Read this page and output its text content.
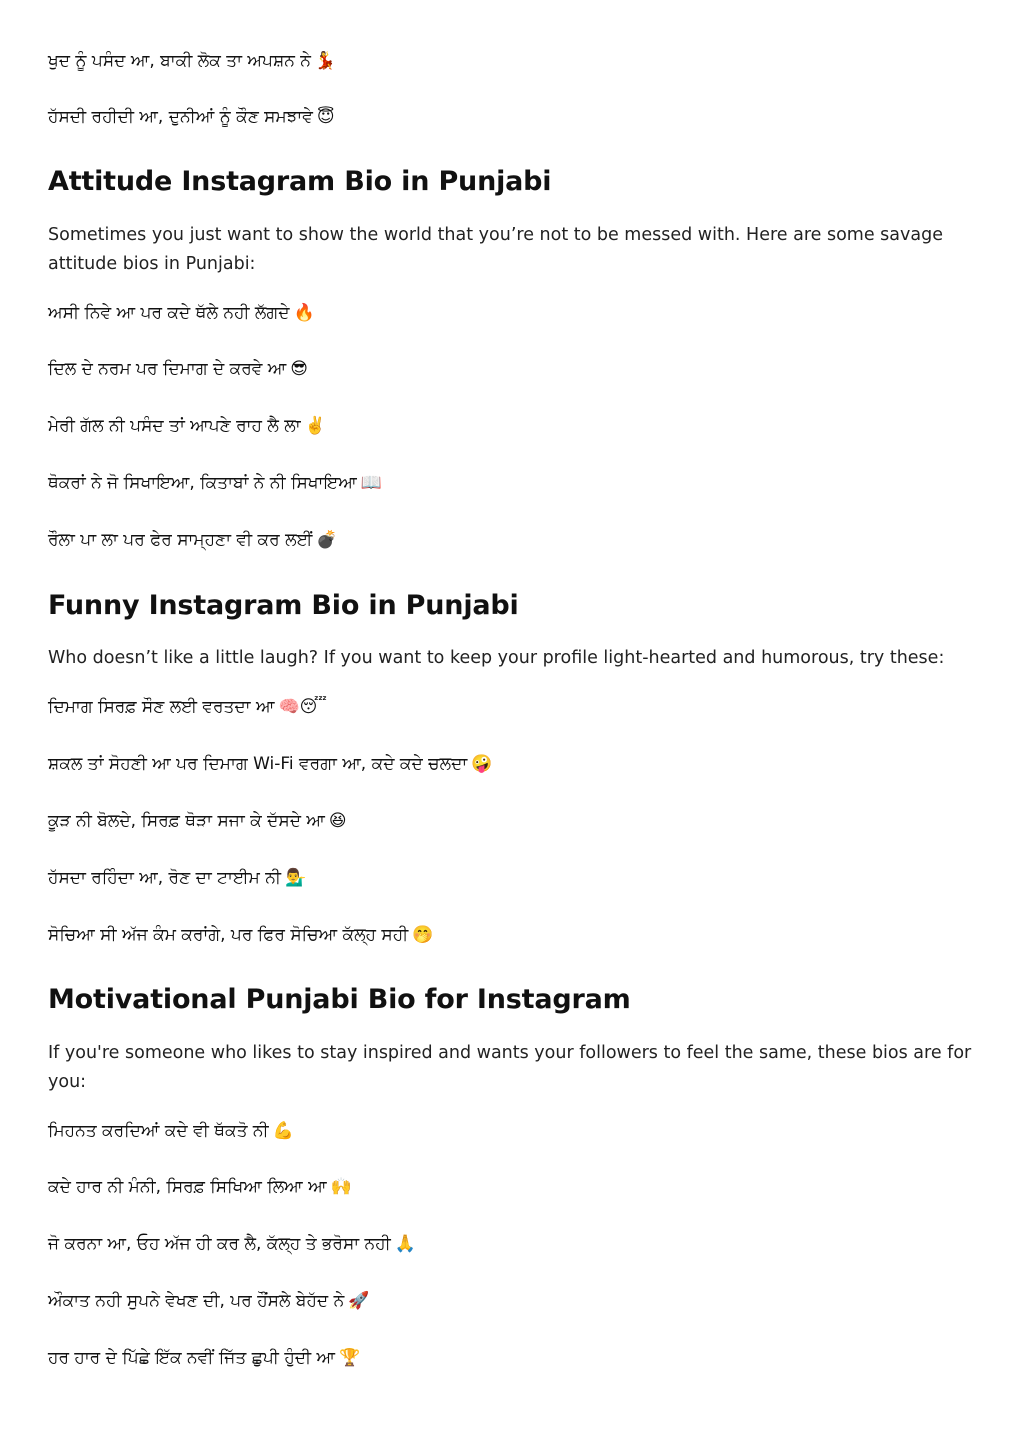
ਖੁਦ ਨੂੰ ਪਸੰਦ ਆ, ਬਾਕੀ ਲੋਕ ਤਾ ਅਪਸ਼ਨ ਨੇ 💃

ਹੱਸਦੀ ਰਹੀਦੀ ਆ, ਦੁਨੀਆਂ ਨੂੰ ਕੌਣ ਸਮਝਾਵੇ 😇

Attitude Instagram Bio in Punjabi

Sometimes you just want to show the world that you’re not to be messed with. Here are some savage attitude bios in Punjabi:

ਅਸੀ ਨਿਵੇ ਆ ਪਰ ਕਦੇ ਥੱਲੇ ਨਹੀ ਲੱਗਦੇ 🔥

ਦਿਲ ਦੇ ਨਰਮ ਪਰ ਦਿਮਾਗ ਦੇ ਕਰਵੇ ਆ 😎

ਮੇਰੀ ਗੱਲ ਨੀ ਪਸੰਦ ਤਾਂ ਆਪਣੇ ਰਾਹ ਲੈ ਲਾ ✌️

ਥੋਕਰਾਂ ਨੇ ਜੋ ਸਿਖਾਇਆ, ਕਿਤਾਬਾਂ ਨੇ ਨੀ ਸਿਖਾਇਆ 📖

ਰੌਲਾ ਪਾ ਲਾ ਪਰ ਫੇਰ ਸਾਮ੍ਹਣਾ ਵੀ ਕਰ ਲਈਂ 💣

Funny Instagram Bio in Punjabi

Who doesn’t like a little laugh? If you want to keep your profile light-hearted and humorous, try these:

ਦਿਮਾਗ ਸਿਰਫ਼ ਸੌਣ ਲਈ ਵਰਤਦਾ ਆ 🧠😴

ਸ਼ਕਲ ਤਾਂ ਸੋਹਣੀ ਆ ਪਰ ਦਿਮਾਗ Wi-Fi ਵਰਗਾ ਆ, ਕਦੇ ਕਦੇ ਚਲਦਾ 🤪

ਕੂੜ ਨੀ ਬੋਲਦੇ, ਸਿਰਫ਼ ਥੋੜਾ ਸਜਾ ਕੇ ਦੱਸਦੇ ਆ 😆

ਹੱਸਦਾ ਰਹਿੰਦਾ ਆ, ਰੋਣ ਦਾ ਟਾਈਮ ਨੀ 💁‍♂️

ਸੋਚਿਆ ਸੀ ਅੱਜ ਕੰਮ ਕਰਾਂਗੇ, ਪਰ ਫਿਰ ਸੋਚਿਆ ਕੱਲ੍ਹ ਸਹੀ 🤭

Motivational Punjabi Bio for Instagram

If you're someone who likes to stay inspired and wants your followers to feel the same, these bios are for you:

ਮਿਹਨਤ ਕਰਦਿਆਂ ਕਦੇ ਵੀ ਥੱਕਤੋ ਨੀ 💪

ਕਦੇ ਹਾਰ ਨੀ ਮੰਨੀ, ਸਿਰਫ਼ ਸਿਖਿਆ ਲਿਆ ਆ 🙌

ਜੋ ਕਰਨਾ ਆ, ਓਹ ਅੱਜ ਹੀ ਕਰ ਲੈ, ਕੱਲ੍ਹ ਤੇ ਭਰੋਸਾ ਨਹੀ 🙏

ਔਕਾਤ ਨਹੀ ਸੁਪਨੇ ਵੇਖਣ ਦੀ, ਪਰ ਹੌਂਸਲੇ ਬੇਹੱਦ ਨੇ 🚀

ਹਰ ਹਾਰ ਦੇ ਪਿੱਛੇ ਇੱਕ ਨਵੀਂ ਜਿੱਤ ਛੁਪੀ ਹੁੰਦੀ ਆ 🏆
